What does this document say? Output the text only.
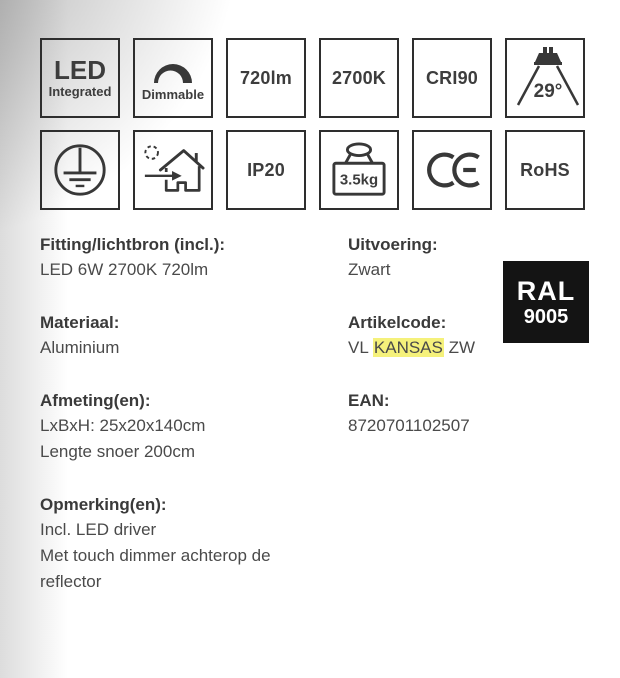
LED
Integrated Dimmable
720lm 2700K CRI90
29°
IP20
3.5kg
RoHS
Fitting/lichtbron (incl.):
LED 6W 2700K 720lm
Uitvoering:
Zwart
Materiaal:
Aluminium
Artikelcode:
VL KANSAS ZW
Afmeting(en):
LxBxH: 25x20x140cm
Lengte snoer 200cm
EAN:
8720701102507
Opmerking(en):
Incl. LED driver
Met touch dimmer achterop de reflector
RAL
9005
